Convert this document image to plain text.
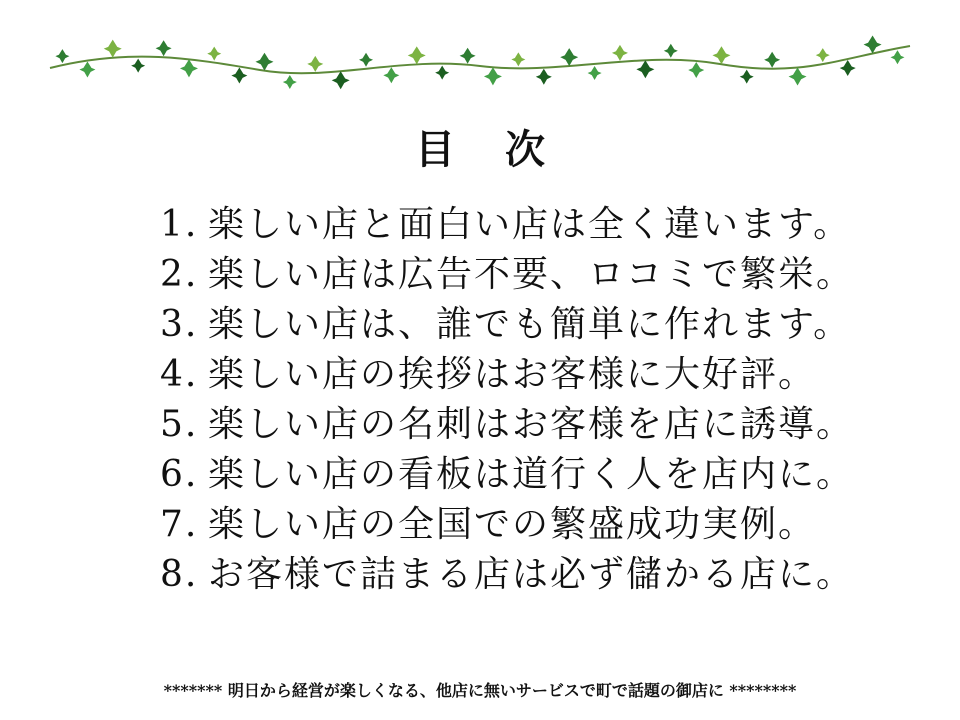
目 次
1. 楽しい店と面白い店は全く違います。
2. 楽しい店は広告不要、ロコミで繁栄。
3. 楽しい店は、誰でも簡単に作れます。
4. 楽しい店の挨拶はお客様に大好評。
5. 楽しい店の名刺はお客様を店に誘導。
6. 楽しい店の看板は道行く人を店内に。
7. 楽しい店の全国での繁盛成功実例。
8. お客様で詰まる店は必ず儲かる店に。
******* 明日から経営が楽しくなる、他店に無いサービスで町で話題の御店に ********
